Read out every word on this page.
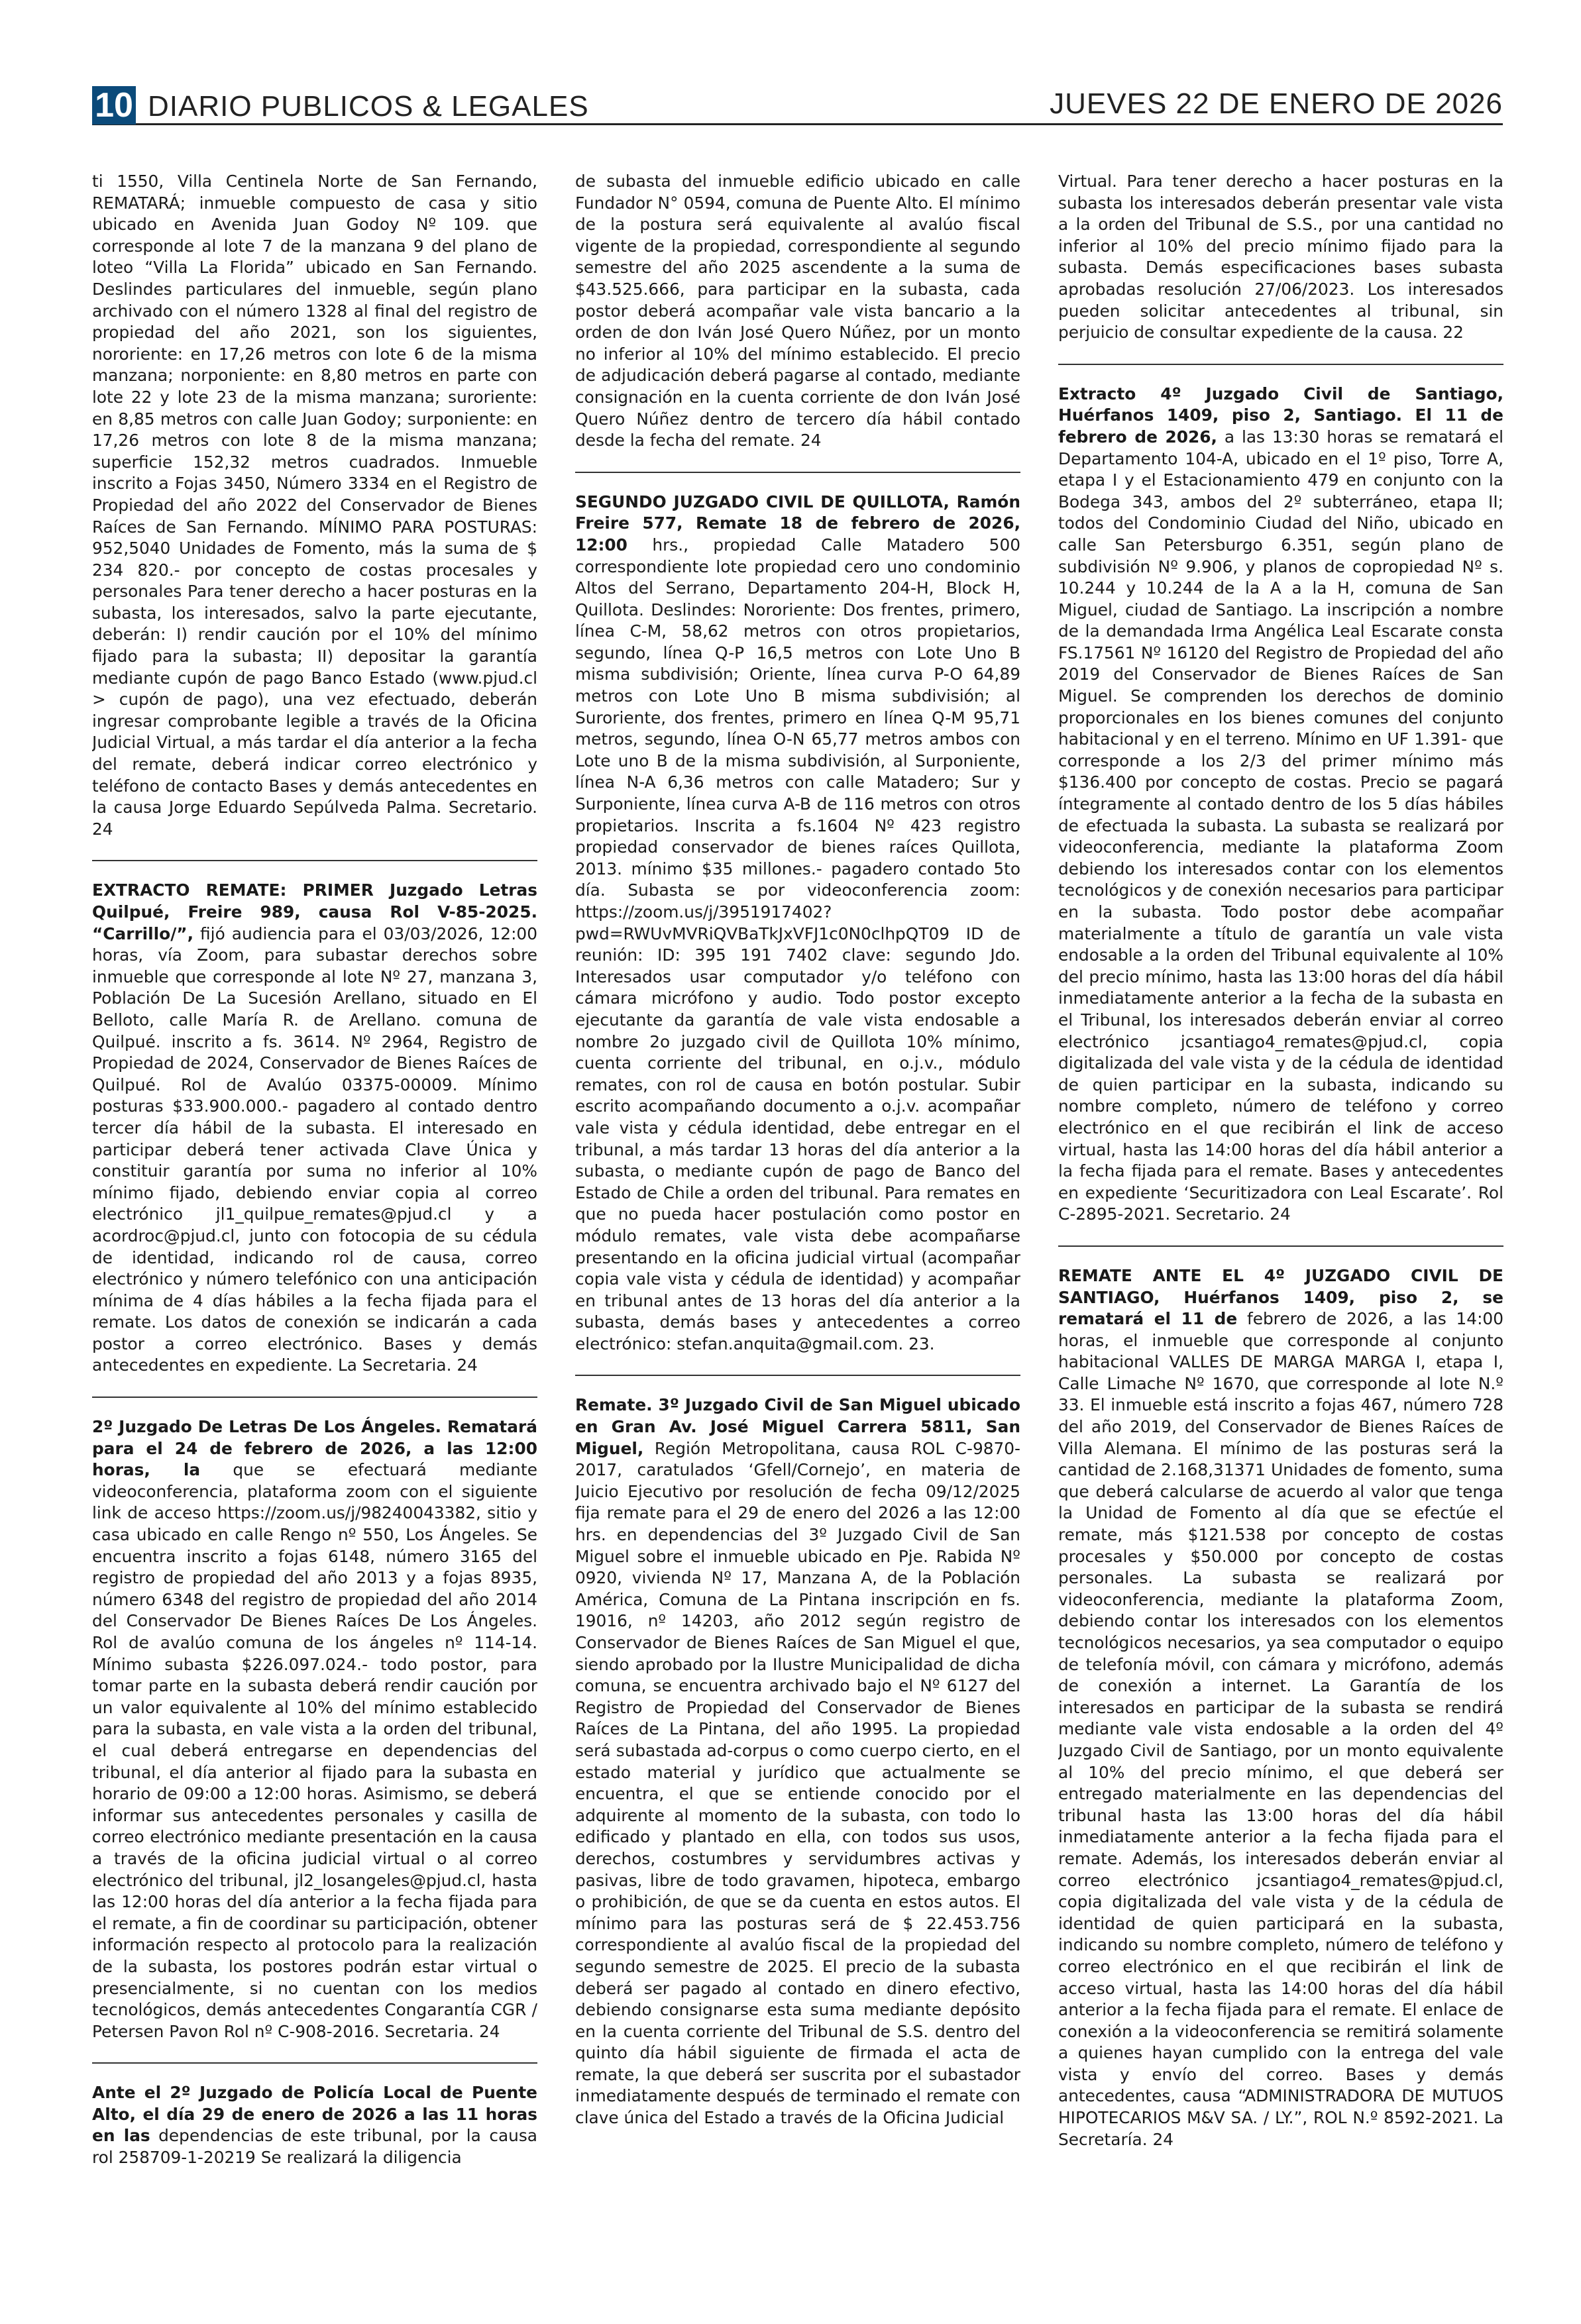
10 DIARIO PUBLICOS & LEGALES	JUEVES 22 DE ENERO DE 2026

ti 1550, Villa Centinela Norte de San Fernando, REMATARÁ; inmueble compuesto de casa y sitio ubicado en Avenida Juan Godoy Nº 109. que corresponde al lote 7 de la manzana 9 del plano de loteo “Villa La Florida” ubicado en San Fernando. Deslindes particulares del inmueble, según plano archivado con el número 1328 al final del registro de propiedad del año 2021, son los siguientes, nororiente: en 17,26 metros con lote 6 de la misma manzana; norponiente: en 8,80 metros en parte con lote 22 y lote 23 de la misma manzana; suroriente: en 8,85 metros con calle Juan Godoy; surponiente: en 17,26 metros con lote 8 de la misma manzana; superficie 152,32 metros cuadrados. Inmueble inscrito a Fojas 3450, Número 3334 en el Registro de Propiedad del año 2022 del Conservador de Bienes Raíces de San Fernando. MÍNIMO PARA POSTURAS: 952,5040 Unidades de Fomento, más la suma de $ 234 820.- por concepto de costas procesales y personales Para tener derecho a hacer posturas en la subasta, los interesados, salvo la parte ejecutante, deberán: I) rendir caución por el 10% del mínimo fijado para la subasta; II) depositar la garantía mediante cupón de pago Banco Estado (www.pjud.cl > cupón de pago), una vez efectuado, deberán ingresar comprobante legible a través de la Oficina Judicial Virtual, a más tardar el día anterior a la fecha del remate, deberá indicar correo electrónico y teléfono de contacto Bases y demás antecedentes en la causa Jorge Eduardo Sepúlveda Palma. Secretario. 24

EXTRACTO REMATE: PRIMER Juzgado Letras Quilpué, Freire 989, causa Rol V-85-2025. “Carrillo/”, fijó audiencia para el 03/03/2026, 12:00 horas, vía Zoom, para subastar derechos sobre inmueble que corresponde al lote Nº 27, manzana 3, Población De La Sucesión Arellano, situado en El Belloto, calle María R. de Arellano. comuna de Quilpué. inscrito a fs. 3614. Nº 2964, Registro de Propiedad de 2024, Conservador de Bienes Raíces de Quilpué. Rol de Avalúo 03375-00009. Mínimo posturas $33.900.000.- pagadero al contado dentro tercer día hábil de la subasta. El interesado en participar deberá tener activada Clave Única y constituir garantía por suma no inferior al 10% mínimo fijado, debiendo enviar copia al correo electrónico jl1_quilpue_remates@pjud.cl y a acordroc@pjud.cl, junto con fotocopia de su cédula de identidad, indicando rol de causa, correo electrónico y número telefónico con una anticipación mínima de 4 días hábiles a la fecha fijada para el remate. Los datos de conexión se indicarán a cada postor a correo electrónico. Bases y demás antecedentes en expediente. La Secretaria. 24

2º Juzgado De Letras De Los Ángeles. Rematará para el 24 de febrero de 2026, a las 12:00 horas, la que se efectuará mediante videoconferencia, plataforma zoom con el siguiente link de acceso https://zoom.us/j/98240043382, sitio y casa ubicado en calle Rengo nº 550, Los Ángeles. Se encuentra inscrito a fojas 6148, número 3165 del registro de propiedad del año 2013 y a fojas 8935, número 6348 del registro de propiedad del año 2014 del Conservador De Bienes Raíces De Los Ángeles. Rol de avalúo comuna de los ángeles nº 114-14. Mínimo subasta $226.097.024.- todo postor, para tomar parte en la subasta deberá rendir caución por un valor equivalente al 10% del mínimo establecido para la subasta, en vale vista a la orden del tribunal, el cual deberá entregarse en dependencias del tribunal, el día anterior al fijado para la subasta en horario de 09:00 a 12:00 horas. Asimismo, se deberá informar sus antecedentes personales y casilla de correo electrónico mediante presentación en la causa a través de la oficina judicial virtual o al correo electrónico del tribunal, jl2_losangeles@pjud.cl, hasta las 12:00 horas del día anterior a la fecha fijada para el remate, a fin de coordinar su participación, obtener información respecto al protocolo para la realización de la subasta, los postores podrán estar virtual o presencialmente, si no cuentan con los medios tecnológicos, demás antecedentes Congarantía CGR / Petersen Pavon Rol nº C-908-2016. Secretaria. 24

Ante el 2º Juzgado de Policía Local de Puente Alto, el día 29 de enero de 2026 a las 11 horas en las dependencias de este tribunal, por la causa rol 258709-1-20219 Se realizará la diligencia

de subasta del inmueble edificio ubicado en calle Fundador N° 0594, comuna de Puente Alto. El mínimo de la postura será equivalente al avalúo fiscal vigente de la propiedad, correspondiente al segundo semestre del año 2025 ascendente a la suma de $43.525.666, para participar en la subasta, cada postor deberá acompañar vale vista bancario a la orden de don Iván José Quero Núñez, por un monto no inferior al 10% del mínimo establecido. El precio de adjudicación deberá pagarse al contado, mediante consignación en la cuenta corriente de don Iván José Quero Núñez dentro de tercero día hábil contado desde la fecha del remate. 24

SEGUNDO JUZGADO CIVIL DE QUILLOTA, Ramón Freire 577, Remate 18 de febrero de 2026, 12:00 hrs., propiedad Calle Matadero 500 correspondiente lote propiedad cero uno condominio Altos del Serrano, Departamento 204-H, Block H, Quillota. Deslindes: Nororiente: Dos frentes, primero, línea C-M, 58,62 metros con otros propietarios, segundo, línea Q-P 16,5 metros con Lote Uno B misma subdivisión; Oriente, línea curva P-O 64,89 metros con Lote Uno B misma subdivisión; al Suroriente, dos frentes, primero en línea Q-M 95,71 metros, segundo, línea O-N 65,77 metros ambos con Lote uno B de la misma subdivisión, al Surponiente, línea N-A 6,36 metros con calle Matadero; Sur y Surponiente, línea curva A-B de 116 metros con otros propietarios. Inscrita a fs.1604 Nº 423 registro propiedad conservador de bienes raíces Quillota, 2013. mínimo $35 millones.- pagadero contado 5to día. Subasta se por videoconferencia zoom: https://zoom.us/j/3951917402?pwd=RWUvMVRiQVBaTkJxVFJ1c0N0clhpQT09 ID de reunión: ID: 395 191 7402 clave: segundo Jdo. Interesados usar computador y/o teléfono con cámara micrófono y audio. Todo postor excepto ejecutante da garantía de vale vista endosable a nombre 2o juzgado civil de Quillota 10% mínimo, cuenta corriente del tribunal, en o.j.v., módulo remates, con rol de causa en botón postular. Subir escrito acompañando documento a o.j.v. acompañar vale vista y cédula identidad, debe entregar en el tribunal, a más tardar 13 horas del día anterior a la subasta, o mediante cupón de pago de Banco del Estado de Chile a orden del tribunal. Para remates en que no pueda hacer postulación como postor en módulo remates, vale vista debe acompañarse presentando en la oficina judicial virtual (acompañar copia vale vista y cédula de identidad) y acompañar en tribunal antes de 13 horas del día anterior a la subasta, demás bases y antecedentes a correo electrónico: stefan.anquita@gmail.com. 23.

Remate. 3º Juzgado Civil de San Miguel ubicado en Gran Av. José Miguel Carrera 5811, San Miguel, Región Metropolitana, causa ROL C-9870-2017, caratulados ‘Gfell/Cornejo’, en materia de Juicio Ejecutivo por resolución de fecha 09/12/2025 fija remate para el 29 de enero del 2026 a las 12:00 hrs. en dependencias del 3º Juzgado Civil de San Miguel sobre el inmueble ubicado en Pje. Rabida Nº 0920, vivienda Nº 17, Manzana A, de la Población América, Comuna de La Pintana inscripción en fs. 19016, nº 14203, año 2012 según registro de Conservador de Bienes Raíces de San Miguel el que, siendo aprobado por la Ilustre Municipalidad de dicha comuna, se encuentra archivado bajo el Nº 6127 del Registro de Propiedad del Conservador de Bienes Raíces de La Pintana, del año 1995. La propiedad será subastada ad-corpus o como cuerpo cierto, en el estado material y jurídico que actualmente se encuentra, el que se entiende conocido por el adquirente al momento de la subasta, con todo lo edificado y plantado en ella, con todos sus usos, derechos, costumbres y servidumbres activas y pasivas, libre de todo gravamen, hipoteca, embargo o prohibición, de que se da cuenta en estos autos. El mínimo para las posturas será de $ 22.453.756 correspondiente al avalúo fiscal de la propiedad del segundo semestre de 2025. El precio de la subasta deberá ser pagado al contado en dinero efectivo, debiendo consignarse esta suma mediante depósito en la cuenta corriente del Tribunal de S.S. dentro del quinto día hábil siguiente de firmada el acta de remate, la que deberá ser suscrita por el subastador inmediatamente después de terminado el remate con clave única del Estado a través de la Oficina Judicial

Virtual. Para tener derecho a hacer posturas en la subasta los interesados deberán presentar vale vista a la orden del Tribunal de S.S., por una cantidad no inferior al 10% del precio mínimo fijado para la subasta. Demás especificaciones bases subasta aprobadas resolución 27/06/2023. Los interesados pueden solicitar antecedentes al tribunal, sin perjuicio de consultar expediente de la causa. 22

Extracto 4º Juzgado Civil de Santiago, Huérfanos 1409, piso 2, Santiago. El 11 de febrero de 2026, a las 13:30 horas se rematará el Departamento 104-A, ubicado en el 1º piso, Torre A, etapa I y el Estacionamiento 479 en conjunto con la Bodega 343, ambos del 2º subterráneo, etapa II; todos del Condominio Ciudad del Niño, ubicado en calle San Petersburgo 6.351, según plano de subdivisión Nº 9.906, y planos de copropiedad Nº s. 10.244 y 10.244 de la A a la H, comuna de San Miguel, ciudad de Santiago. La inscripción a nombre de la demandada Irma Angélica Leal Escarate consta FS.17561 Nº 16120 del Registro de Propiedad del año 2019 del Conservador de Bienes Raíces de San Miguel. Se comprenden los derechos de dominio proporcionales en los bienes comunes del conjunto habitacional y en el terreno. Mínimo en UF 1.391- que corresponde a los 2/3 del primer mínimo más $136.400 por concepto de costas. Precio se pagará íntegramente al contado dentro de los 5 días hábiles de efectuada la subasta. La subasta se realizará por videoconferencia, mediante la plataforma Zoom debiendo los interesados contar con los elementos tecnológicos y de conexión necesarios para participar en la subasta. Todo postor debe acompañar materialmente a título de garantía un vale vista endosable a la orden del Tribunal equivalente al 10% del precio mínimo, hasta las 13:00 horas del día hábil inmediatamente anterior a la fecha de la subasta en el Tribunal, los interesados deberán enviar al correo electrónico jcsantiago4_remates@pjud.cl, copia digitalizada del vale vista y de la cédula de identidad de quien participar en la subasta, indicando su nombre completo, número de teléfono y correo electrónico en el que recibirán el link de acceso virtual, hasta las 14:00 horas del día hábil anterior a la fecha fijada para el remate. Bases y antecedentes en expediente ‘Securitizadora con Leal Escarate’. Rol C-2895-2021. Secretario. 24

REMATE ANTE EL 4º JUZGADO CIVIL DE SANTIAGO, Huérfanos 1409, piso 2, se rematará el 11 de febrero de 2026, a las 14:00 horas, el inmueble que corresponde al conjunto habitacional VALLES DE MARGA MARGA I, etapa I, Calle Limache Nº 1670, que corresponde al lote N.º 33. El inmueble está inscrito a fojas 467, número 728 del año 2019, del Conservador de Bienes Raíces de Villa Alemana. El mínimo de las posturas será la cantidad de 2.168,31371 Unidades de fomento, suma que deberá calcularse de acuerdo al valor que tenga la Unidad de Fomento al día que se efectúe el remate, más $121.538 por concepto de costas procesales y $50.000 por concepto de costas personales. La subasta se realizará por videoconferencia, mediante la plataforma Zoom, debiendo contar los interesados con los elementos tecnológicos necesarios, ya sea computador o equipo de telefonía móvil, con cámara y micrófono, además de conexión a internet. La Garantía de los interesados en participar de la subasta se rendirá mediante vale vista endosable a la orden del 4º Juzgado Civil de Santiago, por un monto equivalente al 10% del precio mínimo, el que deberá ser entregado materialmente en las dependencias del tribunal hasta las 13:00 horas del día hábil inmediatamente anterior a la fecha fijada para el remate. Además, los interesados deberán enviar al correo electrónico jcsantiago4_remates@pjud.cl, copia digitalizada del vale vista y de la cédula de identidad de quien participará en la subasta, indicando su nombre completo, número de teléfono y correo electrónico en el que recibirán el link de acceso virtual, hasta las 14:00 horas del día hábil anterior a la fecha fijada para el remate. El enlace de conexión a la videoconferencia se remitirá solamente a quienes hayan cumplido con la entrega del vale vista y envío del correo. Bases y demás antecedentes, causa “ADMINISTRADORA DE MUTUOS HIPOTECARIOS M&V SA. / LY.”, ROL N.º 8592-2021. La Secretaría. 24
